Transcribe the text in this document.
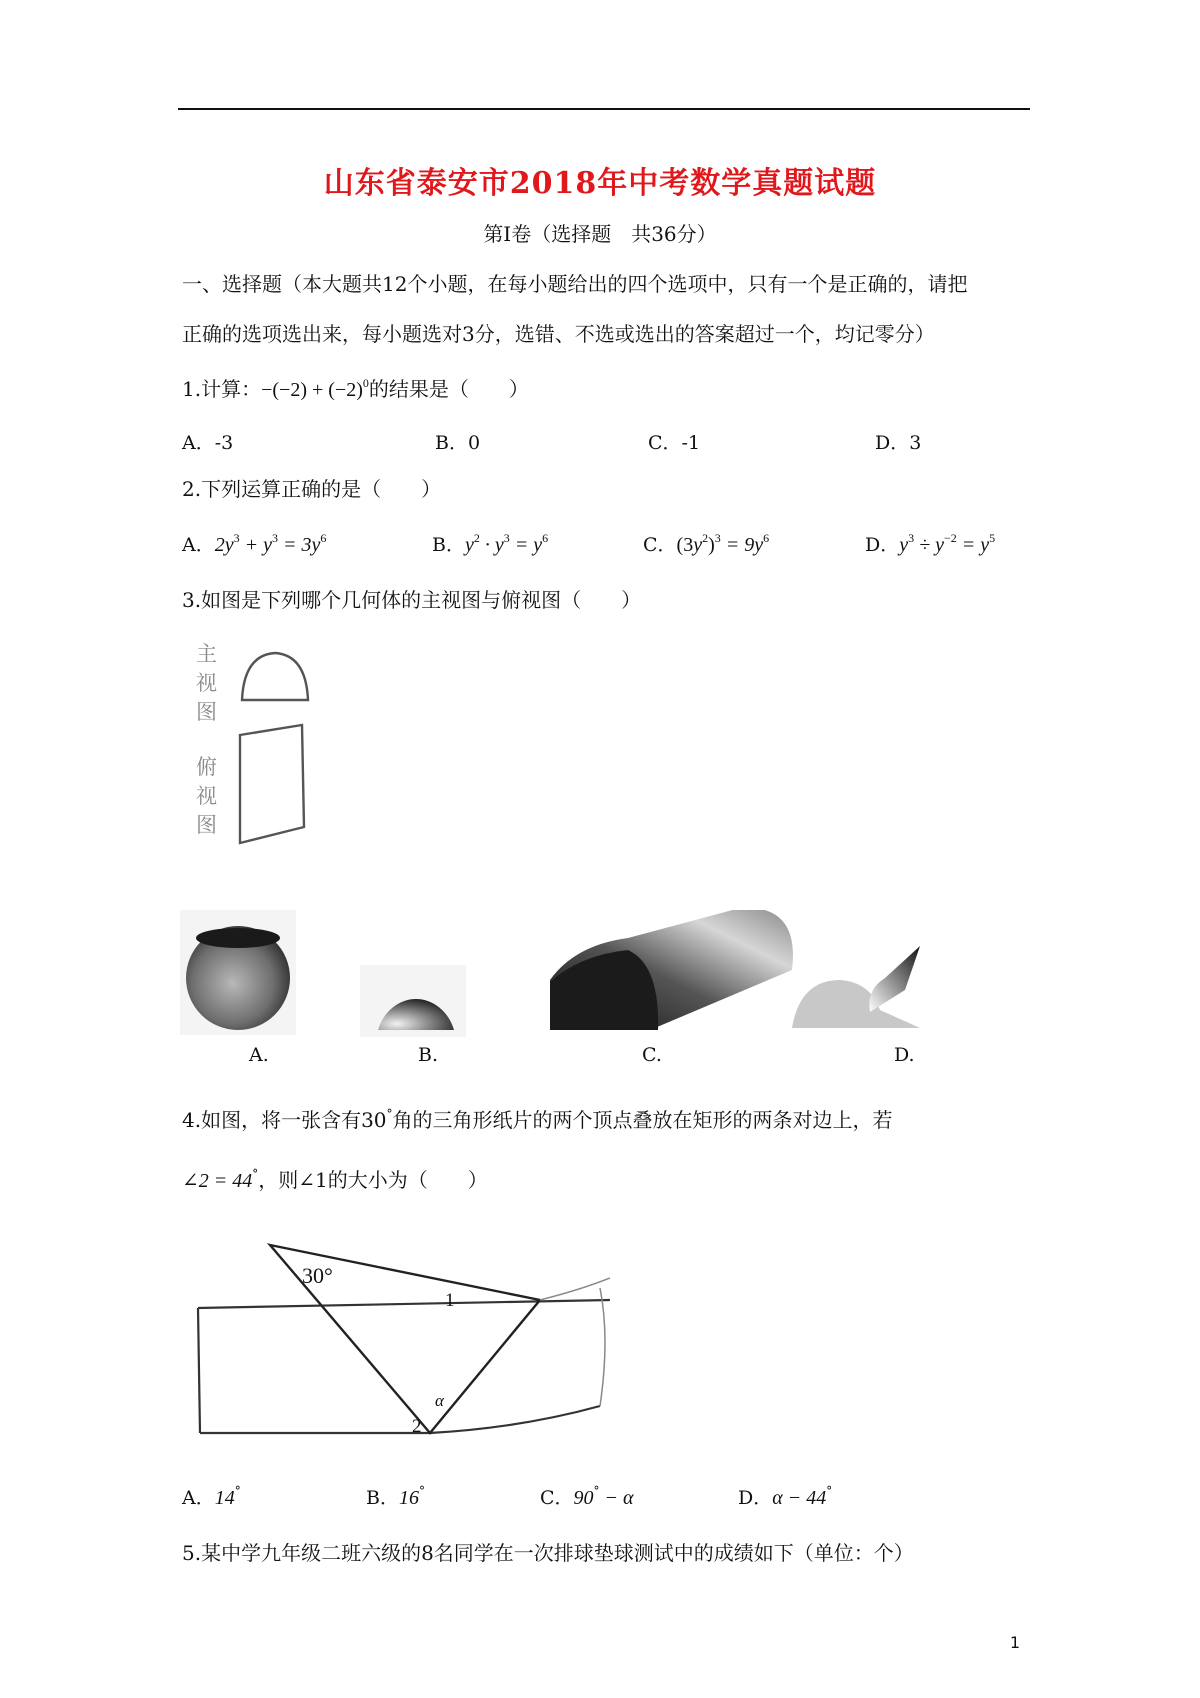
山东省泰安市2018年中考数学真题试题
第Ⅰ卷（选择题　共36分）
一、选择题（本大题共12个小题，在每小题给出的四个选项中，只有一个是正确的，请把
正确的选项选出来，每小题选对3分，选错、不选或选出的答案超过一个，均记零分）
1.计算：$-(-2) + (-2)^0$的结果是（　　）
A．-3	B．0	C．-1	D．3
2.下列运算正确的是（　　）
A．$2y^3 + y^3 = 3y^6$	B．$y^2 \cdot y^3 = y^6$	C．$(3y^2)^3 = 9y^6$	D．$y^3 \div y^{-2} = y^5$
3.如图是下列哪个几何体的主视图与俯视图（　　）
主视图
俯视图
A.	B.	C.	D.
4.如图，将一张含有30°角的三角形纸片的两个顶点叠放在矩形的两条对边上，若
∠2 = 44°，则∠1的大小为（　　）
30°
1
2
α
A．14°	B．16°	C．90° − α	D．α − 44°
5.某中学九年级二班六级的8名同学在一次排球垫球测试中的成绩如下（单位：个）
1
